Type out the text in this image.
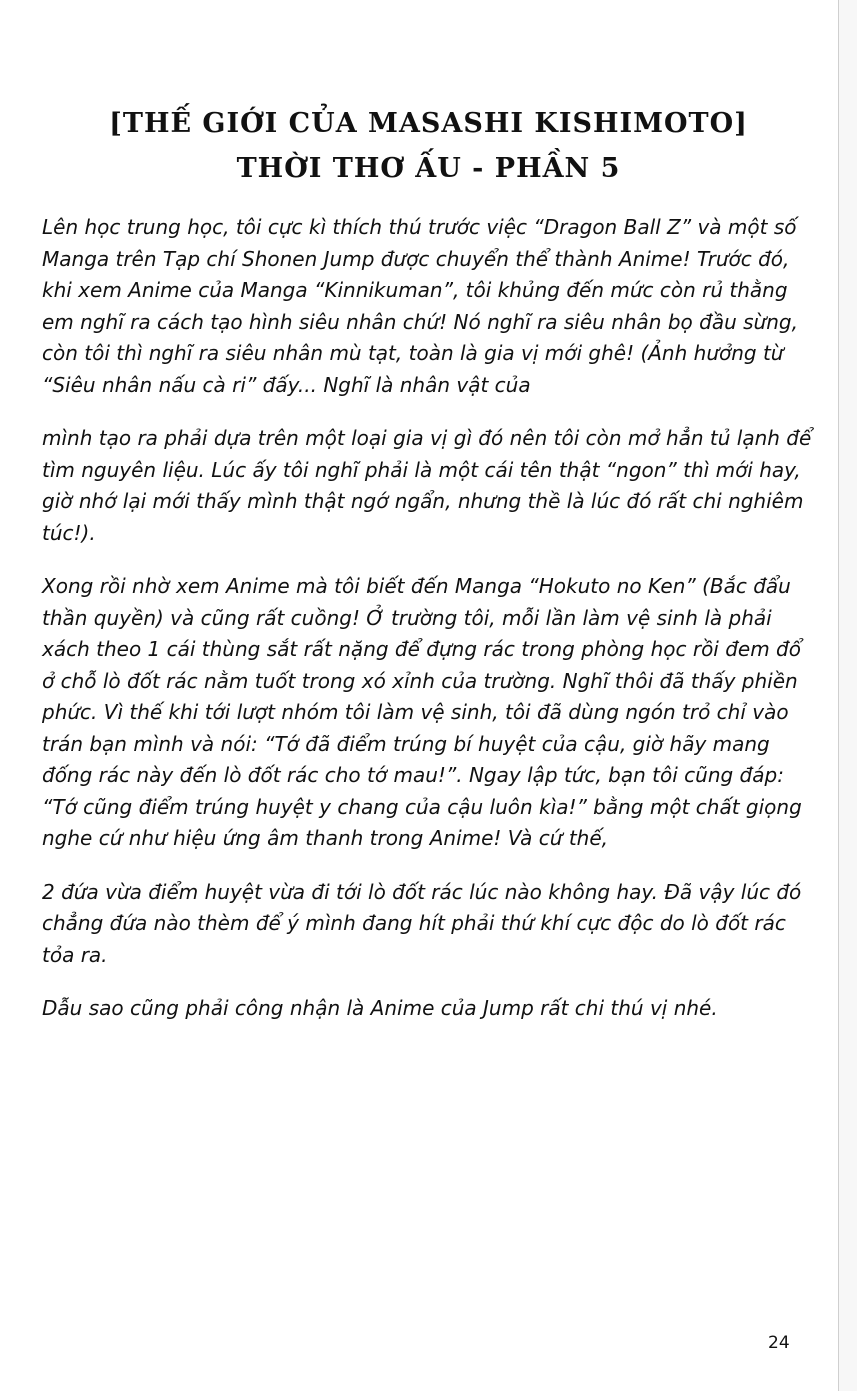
[THẾ GIỚI CỦA MASASHI KISHIMOTO]
THỜI THƠ ẤU - PHẦN 5

Lên học trung học, tôi cực kì thích thú trước việc “Dragon Ball Z” và một số Manga trên Tạp chí Shonen Jump được chuyển thể thành Anime! Trước đó, khi xem Anime của Manga “Kinnikuman”, tôi khủng đến mức còn rủ thằng em nghĩ ra cách tạo hình siêu nhân chứ! Nó nghĩ ra siêu nhân bọ đầu sừng, còn tôi thì nghĩ ra siêu nhân mù tạt, toàn là gia vị mới ghê! (Ảnh hưởng từ “Siêu nhân nấu cà ri” đấy... Nghĩ là nhân vật của

mình tạo ra phải dựa trên một loại gia vị gì đó nên tôi còn mở hẳn tủ lạnh để tìm nguyên liệu. Lúc ấy tôi nghĩ phải là một cái tên thật “ngon” thì mới hay, giờ nhớ lại mới thấy mình thật ngớ ngẩn, nhưng thề là lúc đó rất chi nghiêm túc!).

Xong rồi nhờ xem Anime mà tôi biết đến Manga “Hokuto no Ken” (Bắc đẩu thần quyền) và cũng rất cuồng! Ở trường tôi, mỗi lần làm vệ sinh là phải xách theo 1 cái thùng sắt rất nặng để đựng rác trong phòng học rồi đem đổ ở chỗ lò đốt rác nằm tuốt trong xó xỉnh của trường. Nghĩ thôi đã thấy phiền phức. Vì thế khi tới lượt nhóm tôi làm vệ sinh, tôi đã dùng ngón trỏ chỉ vào trán bạn mình và nói: “Tớ đã điểm trúng bí huyệt của cậu, giờ hãy mang đống rác này đến lò đốt rác cho tớ mau!”. Ngay lập tức, bạn tôi cũng đáp: “Tớ cũng điểm trúng huyệt y chang của cậu luôn kìa!” bằng một chất giọng nghe cứ như hiệu ứng âm thanh trong Anime! Và cứ thế,

2 đứa vừa điểm huyệt vừa đi tới lò đốt rác lúc nào không hay. Đã vậy lúc đó chẳng đứa nào thèm để ý mình đang hít phải thứ khí cực độc do lò đốt rác tỏa ra.

Dẫu sao cũng phải công nhận là Anime của Jump rất chi thú vị nhé.

24
